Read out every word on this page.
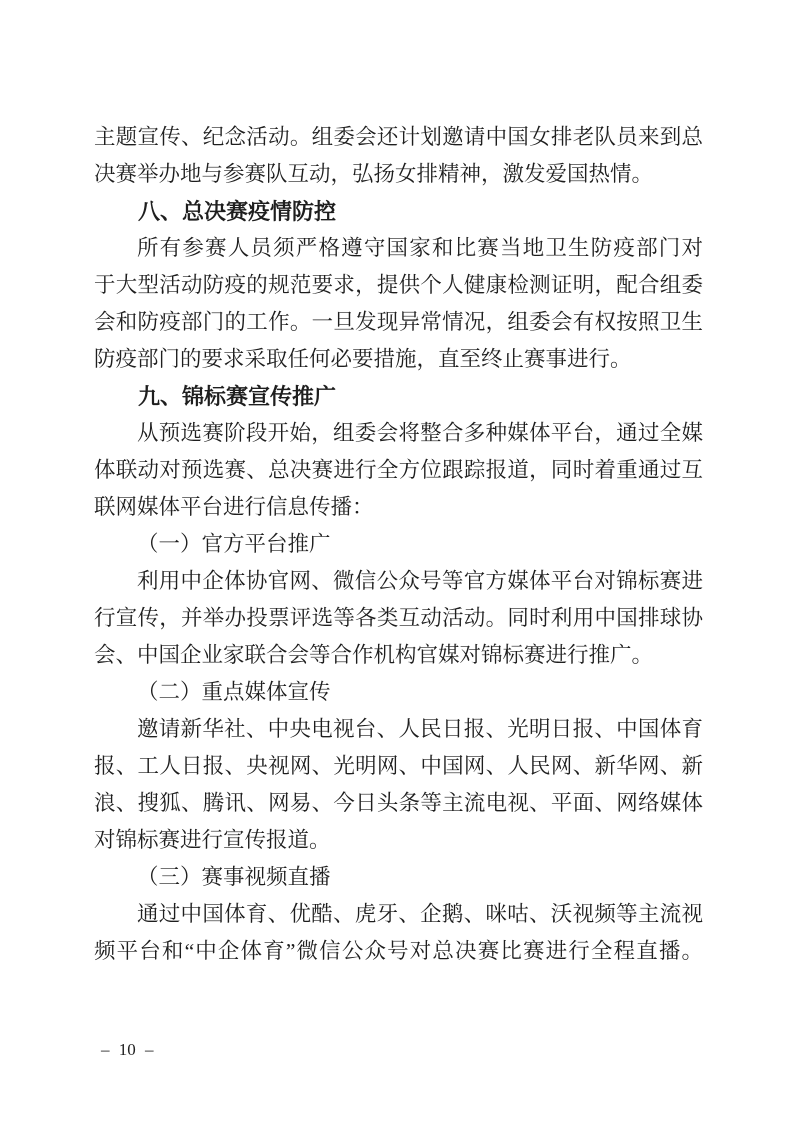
主题宣传、纪念活动。组委会还计划邀请中国女排老队员来到总
决赛举办地与参赛队互动，弘扬女排精神，激发爱国热情。
八、总决赛疫情防控
所有参赛人员须严格遵守国家和比赛当地卫生防疫部门对
于大型活动防疫的规范要求，提供个人健康检测证明，配合组委
会和防疫部门的工作。一旦发现异常情况，组委会有权按照卫生
防疫部门的要求采取任何必要措施，直至终止赛事进行。
九、锦标赛宣传推广
从预选赛阶段开始，组委会将整合多种媒体平台，通过全媒
体联动对预选赛、总决赛进行全方位跟踪报道，同时着重通过互
联网媒体平台进行信息传播：
（一）官方平台推广
利用中企体协官网、微信公众号等官方媒体平台对锦标赛进
行宣传，并举办投票评选等各类互动活动。同时利用中国排球协
会、中国企业家联合会等合作机构官媒对锦标赛进行推广。
（二）重点媒体宣传
邀请新华社、中央电视台、人民日报、光明日报、中国体育
报、工人日报、央视网、光明网、中国网、人民网、新华网、新
浪、搜狐、腾讯、网易、今日头条等主流电视、平面、网络媒体
对锦标赛进行宣传报道。
（三）赛事视频直播
通过中国体育、优酷、虎牙、企鹅、咪咕、沃视频等主流视
频平台和“中企体育”微信公众号对总决赛比赛进行全程直播。
– 10 –
